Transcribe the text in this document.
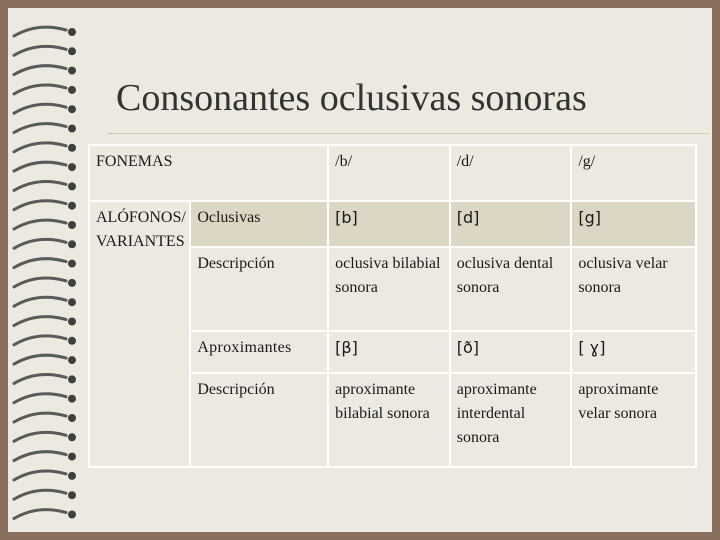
Consonantes oclusivas sonoras
FONEMAS		/b/	/d/	/g/
ALÓFONOS/ VARIANTES	Oclusivas	[b]	[d]	[g]
	Descripción	oclusiva bilabial sonora	oclusiva dental sonora	oclusiva velar sonora
	Aproximantes	[β]	[ð]	[ ɣ]
	Descripción	aproximante bilabial sonora	aproximante interdental sonora	aproximante velar sonora
